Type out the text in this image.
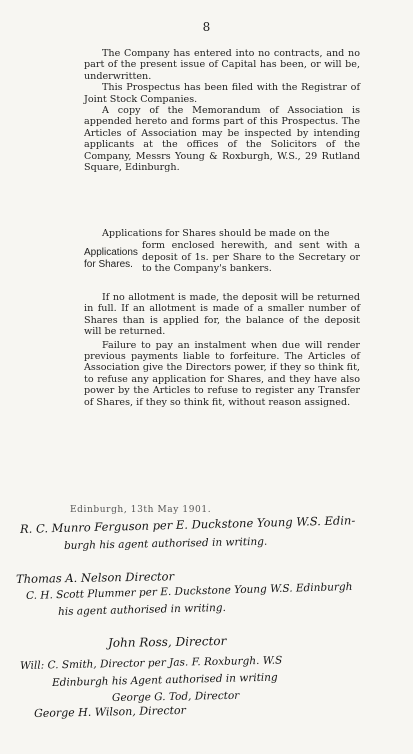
8

The Company has entered into no contracts, and no part of the present issue of Capital has been, or will be, underwritten.

This Prospectus has been filed with the Registrar of Joint Stock Companies.

A copy of the Memorandum of Association is appended hereto and forms part of this Prospectus. The Articles of Association may be inspected by intending applicants at the offices of the Solicitors of the Company, Messrs Young & Roxburgh, W.S., 29 Rutland Square, Edinburgh.

Applications for Shares should be made on the

Applications for Shares.

form enclosed herewith, and sent with a deposit of 1s. per Share to the Secretary or to the Company's bankers.

If no allotment is made, the deposit will be returned in full. If an allotment is made of a smaller number of Shares than is applied for, the balance of the deposit will be returned.

Failure to pay an instalment when due will render previous payments liable to forfeiture. The Articles of Association give the Directors power, if they so think fit, to refuse any application for Shares, and they have also power by the Articles to refuse to register any Transfer of Shares, if they so think fit, without reason assigned.

Edinburgh, 13th May 1901.
R. C. Munro Ferguson per E. Duckstone Young W.S. Edin-
burgh his agent authorised in writing.
Thomas A. Nelson Director
C. H. Scott Plummer per E. Duckstone Young W.S. Edinburgh
his agent authorised in writing.
John Ross, Director
Will: C. Smith, Director per Jas. F. Roxburgh. W.S
Edinburgh his Agent authorised in writing
George G. Tod, Director
George H. Wilson, Director
